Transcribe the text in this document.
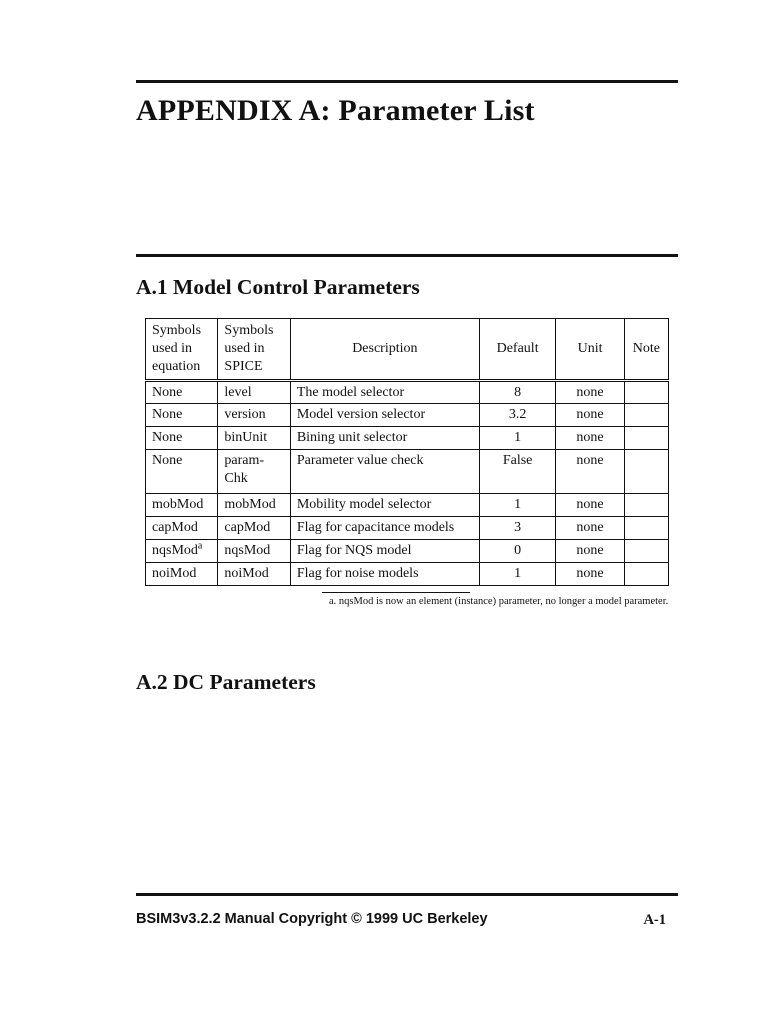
APPENDIX A: Parameter List
A.1 Model Control Parameters
Symbols used in equation	Symbols used in SPICE	Description	Default	Unit	Note
None	level	The model selector	8	none	
None	version	Model version selector	3.2	none	
None	binUnit	Bining unit selector	1	none	
None	param-Chk	Parameter value check	False	none	
mobMod	mobMod	Mobility model selector	1	none	
capMod	capMod	Flag for capacitance models	3	none	
nqsMod$^a$	nqsMod	Flag for NQS model	0	none	
noiMod	noiMod	Flag for noise models	1	none	
a. nqsMod is now an element (instance) parameter, no longer a model parameter.
A.2 DC Parameters
BSIM3v3.2.2 Manual Copyright © 1999 UC Berkeley	A-1
